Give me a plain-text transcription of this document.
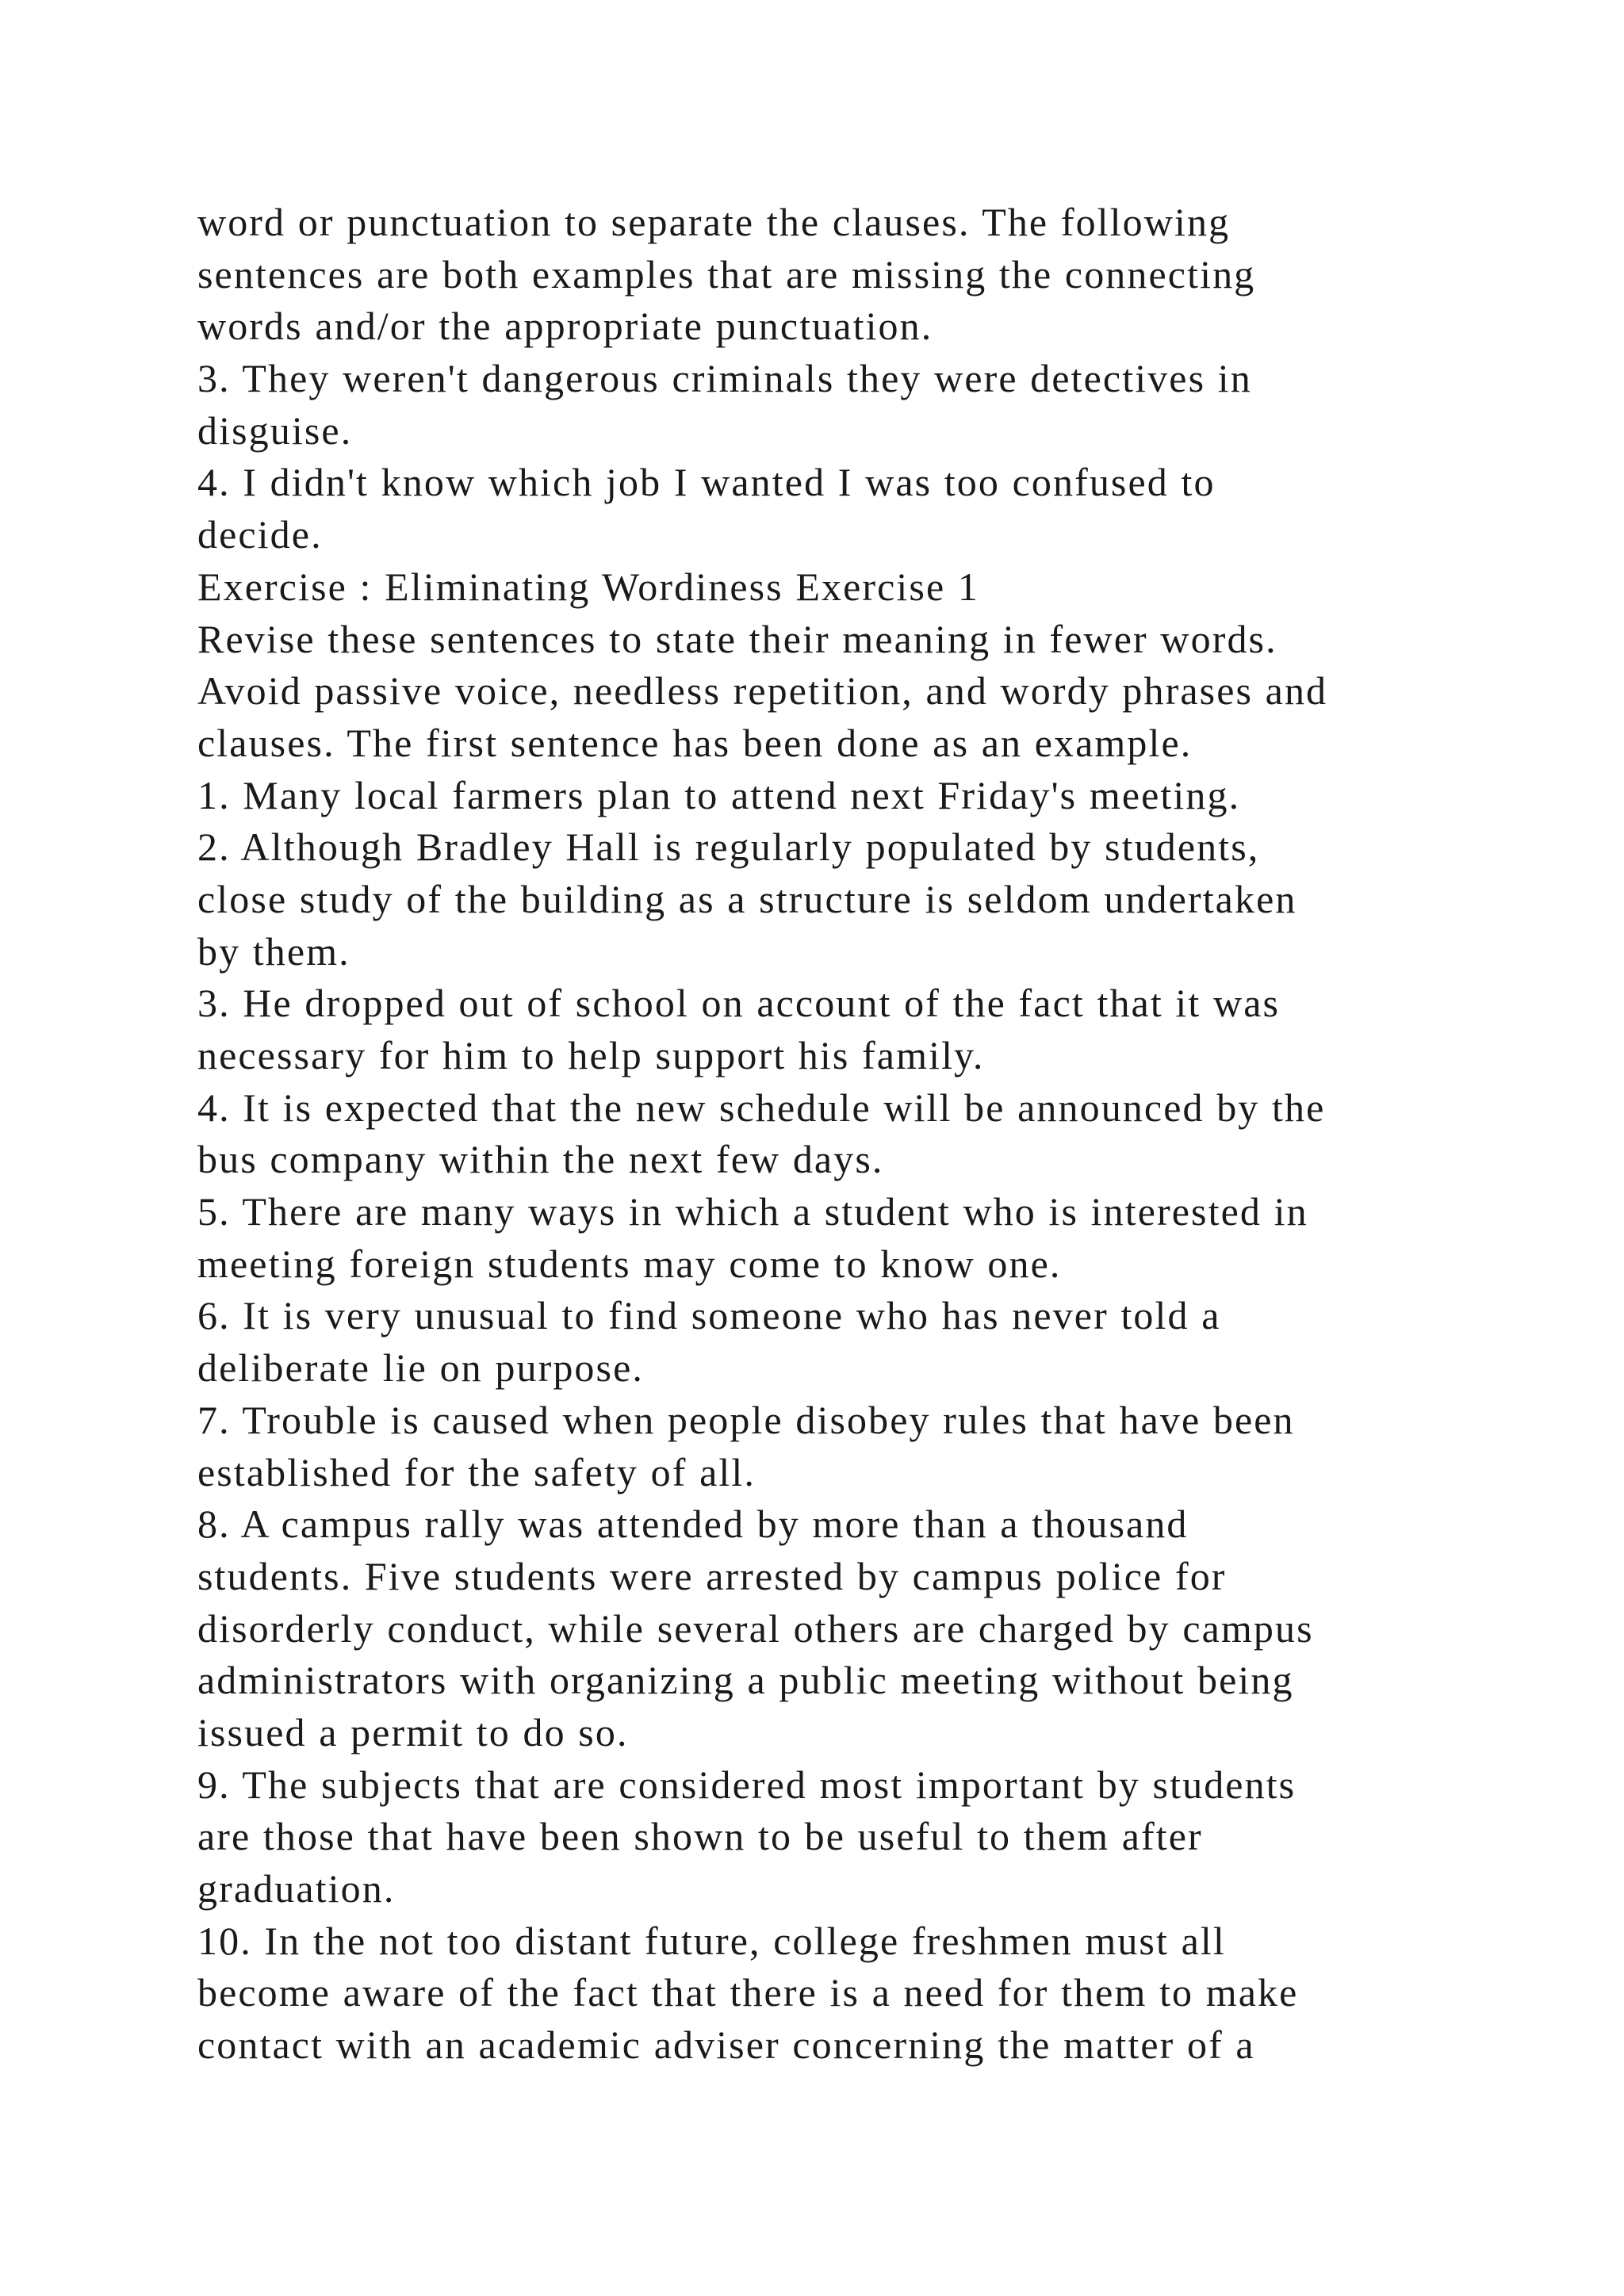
word or punctuation to separate the clauses. The following
sentences are both examples that are missing the connecting
words and/or the appropriate punctuation.
3. They weren't dangerous criminals they were detectives in
disguise.
4. I didn't know which job I wanted I was too confused to
decide.
Exercise : Eliminating Wordiness Exercise 1
Revise these sentences to state their meaning in fewer words.
Avoid passive voice, needless repetition, and wordy phrases and
clauses. The first sentence has been done as an example.
1. Many local farmers plan to attend next Friday's meeting.
2. Although Bradley Hall is regularly populated by students,
close study of the building as a structure is seldom undertaken
by them.
3. He dropped out of school on account of the fact that it was
necessary for him to help support his family.
4. It is expected that the new schedule will be announced by the
bus company within the next few days.
5. There are many ways in which a student who is interested in
meeting foreign students may come to know one.
6. It is very unusual to find someone who has never told a
deliberate lie on purpose.
7. Trouble is caused when people disobey rules that have been
established for the safety of all.
8. A campus rally was attended by more than a thousand
students. Five students were arrested by campus police for
disorderly conduct, while several others are charged by campus
administrators with organizing a public meeting without being
issued a permit to do so.
9. The subjects that are considered most important by students
are those that have been shown to be useful to them after
graduation.
10. In the not too distant future, college freshmen must all
become aware of the fact that there is a need for them to make
contact with an academic adviser concerning the matter of a
